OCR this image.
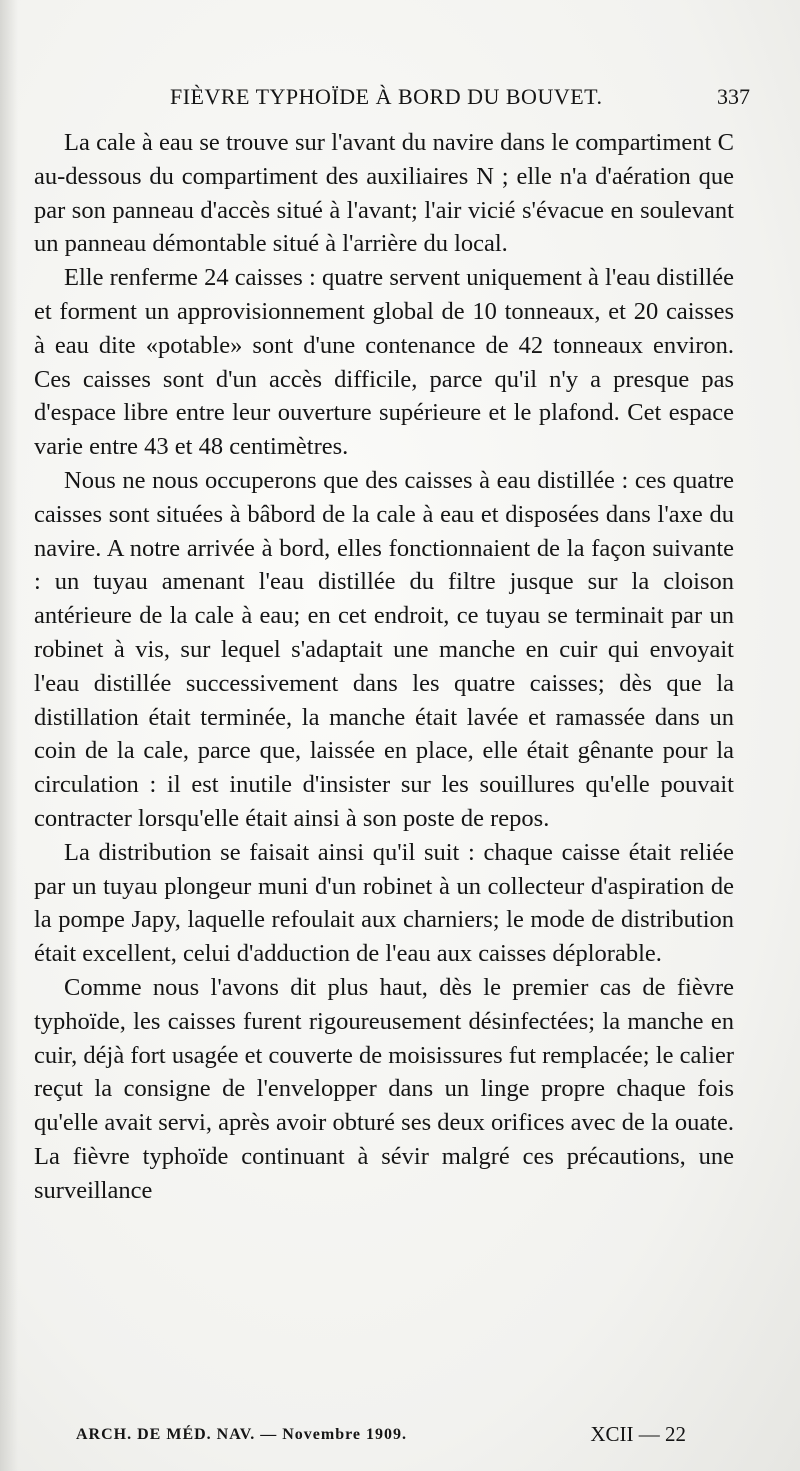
FIÈVRE TYPHOÏDE À BORD DU BOUVET.	337

La cale à eau se trouve sur l'avant du navire dans le compartiment C au-dessous du compartiment des auxiliaires N ; elle n'a d'aération que par son panneau d'accès situé à l'avant; l'air vicié s'évacue en soulevant un panneau démontable situé à l'arrière du local.

Elle renferme 24 caisses : quatre servent uniquement à l'eau distillée et forment un approvisionnement global de 10 tonneaux, et 20 caisses à eau dite «potable» sont d'une contenance de 42 tonneaux environ. Ces caisses sont d'un accès difficile, parce qu'il n'y a presque pas d'espace libre entre leur ouverture supérieure et le plafond. Cet espace varie entre 43 et 48 centimètres.

Nous ne nous occuperons que des caisses à eau distillée : ces quatre caisses sont situées à bâbord de la cale à eau et disposées dans l'axe du navire. A notre arrivée à bord, elles fonctionnaient de la façon suivante : un tuyau amenant l'eau distillée du filtre jusque sur la cloison antérieure de la cale à eau; en cet endroit, ce tuyau se terminait par un robinet à vis, sur lequel s'adaptait une manche en cuir qui envoyait l'eau distillée successivement dans les quatre caisses; dès que la distillation était terminée, la manche était lavée et ramassée dans un coin de la cale, parce que, laissée en place, elle était gênante pour la circulation : il est inutile d'insister sur les souillures qu'elle pouvait contracter lorsqu'elle était ainsi à son poste de repos.

La distribution se faisait ainsi qu'il suit : chaque caisse était reliée par un tuyau plongeur muni d'un robinet à un collecteur d'aspiration de la pompe Japy, laquelle refoulait aux charniers; le mode de distribution était excellent, celui d'adduction de l'eau aux caisses déplorable.

Comme nous l'avons dit plus haut, dès le premier cas de fièvre typhoïde, les caisses furent rigoureusement désinfectées; la manche en cuir, déjà fort usagée et couverte de moisissures fut remplacée; le calier reçut la consigne de l'envelopper dans un linge propre chaque fois qu'elle avait servi, après avoir obturé ses deux orifices avec de la ouate. La fièvre typhoïde continuant à sévir malgré ces précautions, une surveillance

ARCH. DE MÉD. NAV. — Novembre 1909.	XCII — 22
